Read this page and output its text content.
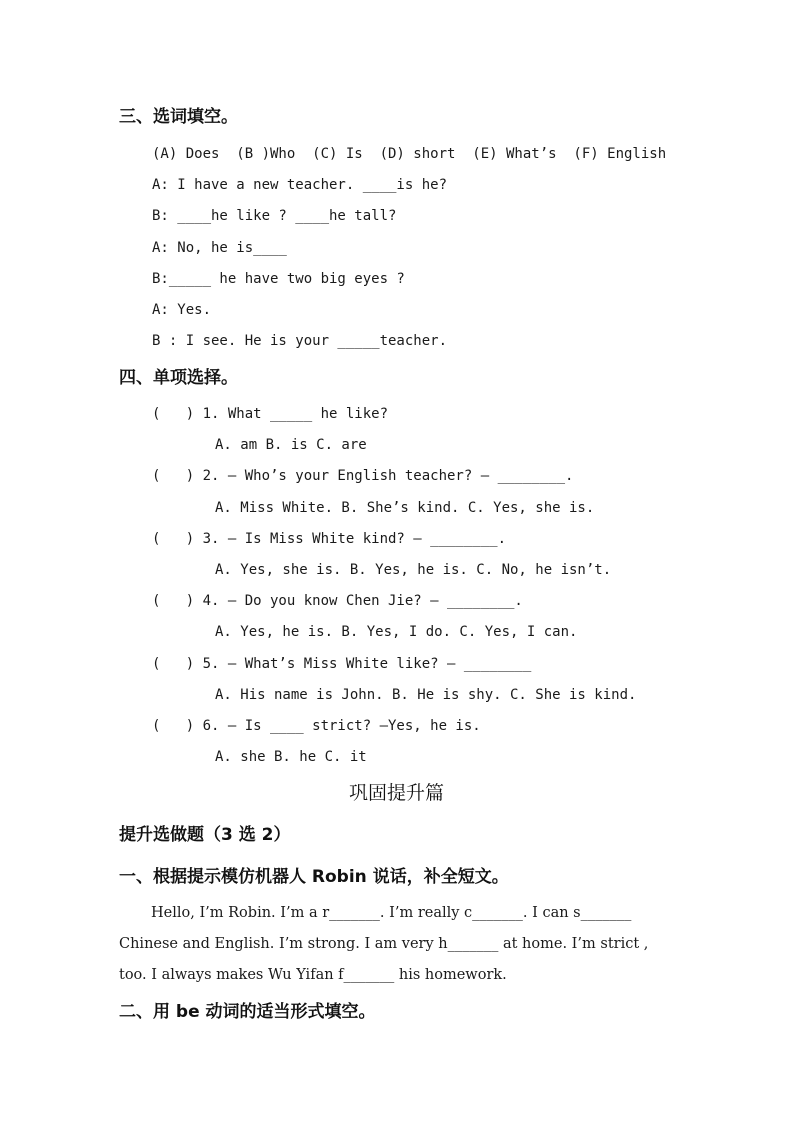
三、选词填空。
(A) Does  (B )Who  (C) Is  (D) short  (E) What’s  (F) English
A: I have a new teacher. ____is he?
B: ____he like ? ____he tall?
A: No, he is____
B:_____ he have two big eyes ?
A: Yes.
B : I see. He is your _____teacher.
四、单项选择。
(   ) 1. What _____ he like?
A. am B. is C. are
(   ) 2. — Who’s your English teacher? — ________.
A. Miss White. B. She’s kind. C. Yes, she is.
(   ) 3. — Is Miss White kind? — ________.
A. Yes, she is. B. Yes, he is. C. No, he isn’t.
(   ) 4. — Do you know Chen Jie? — ________.
A. Yes, he is. B. Yes, I do. C. Yes, I can.
(   ) 5. — What’s Miss White like? — ________
A. His name is John. B. He is shy. C. She is kind.
(   ) 6. — Is ____ strict? —Yes, he is.
A. she B. he C. it
巩固提升篇
提升选做题（3 选 2）
一、根据提示模仿机器人 Robin 说话，补全短文。
Hello, I’m Robin. I’m a r_______. I’m really c_______. I can s_______
Chinese and English. I’m strong. I am very h_______ at home. I’m strict ,
too. I always makes Wu Yifan f_______ his homework.
二、用 be 动词的适当形式填空。
